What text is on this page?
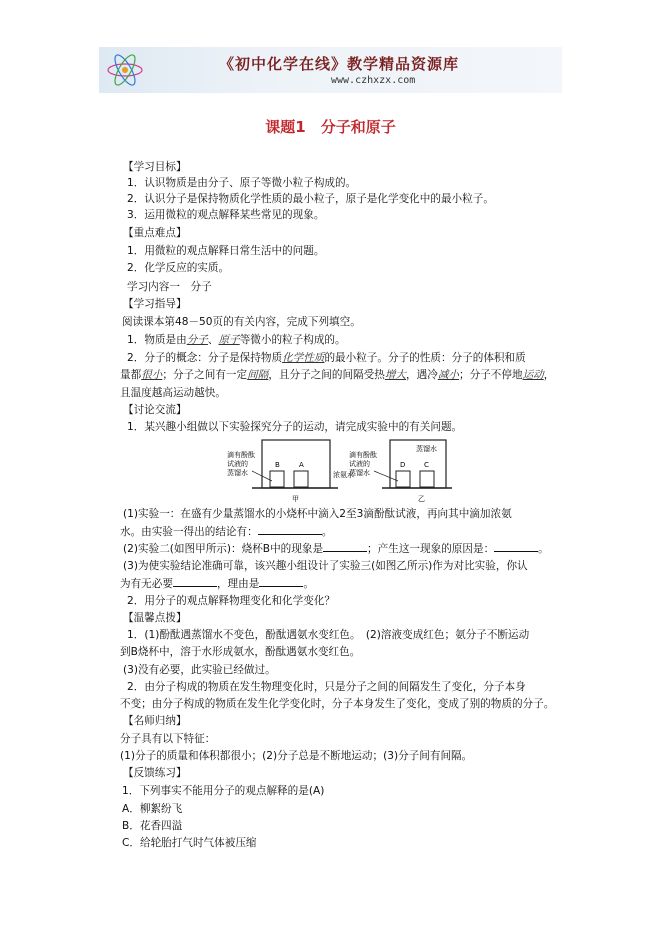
《初中化学在线》教学精品资源库
www.czhxzx.com
课题1　分子和原子
【学习目标】
1．认识物质是由分子、原子等微小粒子构成的。
2．认识分子是保持物质化学性质的最小粒子，原子是化学变化中的最小粒子。
3．运用微粒的观点解释某些常见的现象。
【重点难点】
1．用微粒的观点解释日常生活中的问题。
2．化学反应的实质。
学习内容一　分子
【学习指导】
阅读课本第48－50页的有关内容，完成下列填空。
1．物质是由分子、原子等微小的粒子构成的。
2．分子的概念：分子是保持物质化学性质的最小粒子。分子的性质：分子的体积和质
量都很小；分子之间有一定间隔，且分子之间的间隔受热增大，遇冷减小；分子不停地运动，
且温度越高运动越快。
【讨论交流】
1．某兴趣小组做以下实验探究分子的运动，请完成实验中的有关问题。
滴有酚酞
试液的
蒸馏水
B	A
浓氨水
滴有酚酞
试液的
蒸馏水
D	C
蒸馏水
甲	乙
(1)实验一：在盛有少量蒸馏水的小烧杯中滴入2至3滴酚酞试液，再向其中滴加浓氨
水。由实验一得出的结论有：	。
(2)实验二(如图甲所示)：烧杯B中的现象是	；产生这一现象的原因是：	。
(3)为使实验结论准确可靠，该兴趣小组设计了实验三(如图乙所示)作为对比实验，你认
为有无必要	，理由是	。
2．用分子的观点解释物理变化和化学变化？
【温馨点拨】
1．(1)酚酞遇蒸馏水不变色，酚酞遇氨水变红色。　(2)溶液变成红色；氨分子不断运动
到B烧杯中，溶于水形成氨水，酚酞遇氨水变红色。
(3)没有必要，此实验已经做过。
2．由分子构成的物质在发生物理变化时，只是分子之间的间隔发生了变化，分子本身
不变；由分子构成的物质在发生化学变化时，分子本身发生了变化，变成了别的物质的分子。
【名师归纳】
分子具有以下特征：
(1)分子的质量和体积都很小；(2)分子总是不断地运动；(3)分子间有间隔。
【反馈练习】
1．下列事实不能用分子的观点解释的是(A)
A．柳絮纷飞
B．花香四溢
C．给轮胎打气时气体被压缩
